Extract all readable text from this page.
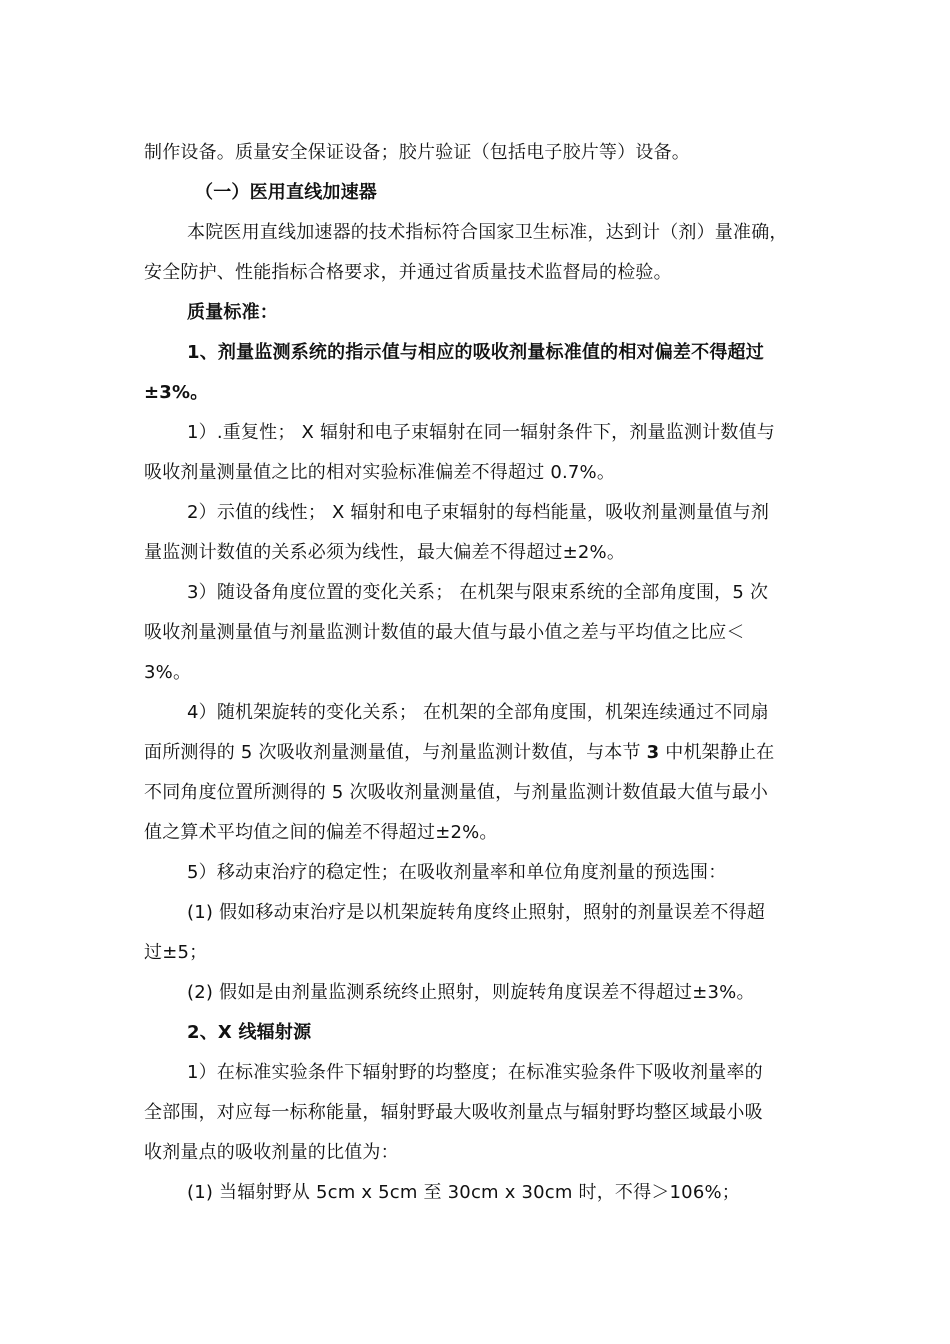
制作设备。质量安全保证设备；胶片验证（包括电子胶片等）设备。
（一）医用直线加速器
本院医用直线加速器的技术指标符合国家卫生标准，达到计（剂）量准确，
安全防护、性能指标合格要求，并通过省质量技术监督局的检验。
质量标准：
1、剂量监测系统的指示值与相应的吸收剂量标准值的相对偏差不得超过
±3%。
1）.重复性； X 辐射和电子束辐射在同一辐射条件下，剂量监测计数值与
吸收剂量测量值之比的相对实验标准偏差不得超过 0.7%。
2）示值的线性； X 辐射和电子束辐射的每档能量，吸收剂量测量值与剂
量监测计数值的关系必须为线性，最大偏差不得超过±2%。
3）随设备角度位置的变化关系； 在机架与限束系统的全部角度围，5 次
吸收剂量测量值与剂量监测计数值的最大值与最小值之差与平均值之比应＜
3%。
4）随机架旋转的变化关系； 在机架的全部角度围，机架连续通过不同扇
面所测得的 5 次吸收剂量测量值，与剂量监测计数值，与本节 3 中机架静止在
不同角度位置所测得的 5 次吸收剂量测量值，与剂量监测计数值最大值与最小
值之算术平均值之间的偏差不得超过±2%。
5）移动束治疗的稳定性；在吸收剂量率和单位角度剂量的预选围：
(1) 假如移动束治疗是以机架旋转角度终止照射，照射的剂量误差不得超
过±5；
(2) 假如是由剂量监测系统终止照射，则旋转角度误差不得超过±3%。
2、X 线辐射源
1）在标准实验条件下辐射野的均整度；在标准实验条件下吸收剂量率的
全部围，对应每一标称能量，辐射野最大吸收剂量点与辐射野均整区域最小吸
收剂量点的吸收剂量的比值为：
(1) 当辐射野从 5cm x 5cm 至 30cm x 30cm 时，不得＞106%；
